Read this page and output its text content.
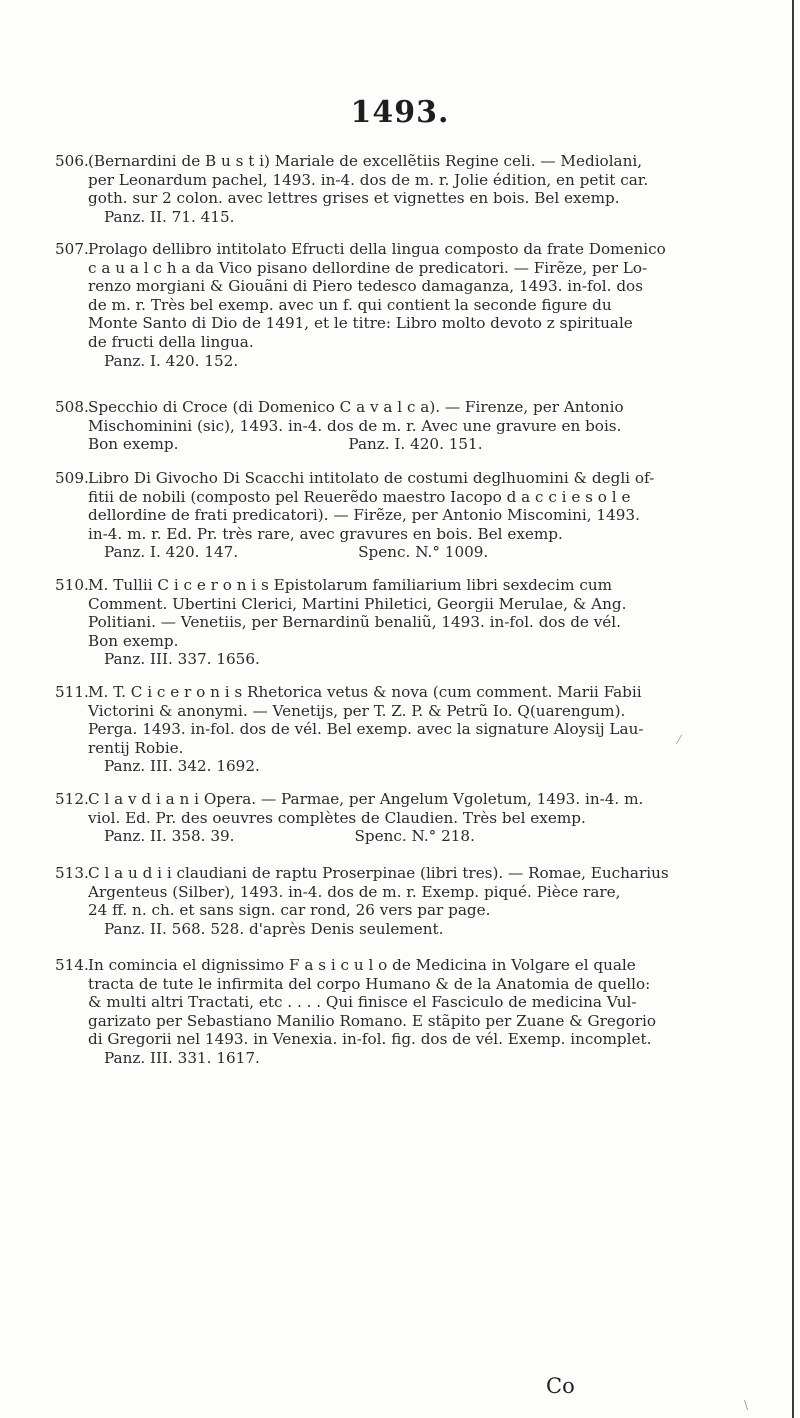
1493.
506. (Bernardini de B u s t i) Mariale de excellẽtiis Regine celi. — Mediolani,

per Leonardum pachel, 1493. in-4. dos de m. r. Jolie édition, en petit car.

goth. sur 2 colon. avec lettres grises et vignettes en bois. Bel exemp.

Panz. II. 71. 415.

507. Prolago dellibro intitolato Efructi della lingua composto da frate Domenico

c a u a l c h a da Vico pisano dellordine de predicatori. — Firẽze, per Lo-

renzo morgiani & Giouãni di Piero tedesco damaganza, 1493. in-fol. dos

de m. r. Très bel exemp. avec un f. qui contient la seconde figure du

Monte Santo di Dio de 1491, et le titre: Libro molto devoto z spirituale

de fructi della lingua.

Panz. I. 420. 152.

508. Specchio di Croce (di Domenico C a v a l c a). — Firenze, per Antonio

Mischominini (sic), 1493. in-4. dos de m. r. Avec une gravure en bois.

Bon exemp.	Panz. I. 420. 151.

509. Libro Di Givocho Di Scacchi intitolato de costumi deglhuomini & degli of-

fitii de nobili (composto pel Reuerẽdo maestro Iacopo d a c c i e s o l e

dellordine de frati predicatori). — Firẽze, per Antonio Miscomini, 1493.

in-4. m. r. Ed. Pr. très rare, avec gravures en bois. Bel exemp.

Panz. I. 420. 147.	Spenc. N.° 1009.

510. M. Tullii C i c e r o n i s Epistolarum familiarium libri sexdecim cum

Comment. Ubertini Clerici, Martini Philetici, Georgii Merulae, & Ang.

Politiani. — Venetiis, per Bernardinũ benaliũ, 1493. in-fol. dos de vél.

Bon exemp.

Panz. III. 337. 1656.

511. M. T. C i c e r o n i s Rhetorica vetus & nova (cum comment. Marii Fabii

Victorini & anonymi. — Venetijs, per T. Z. P. & Petrũ Io. Q(uarengum).

Perga. 1493. in-fol. dos de vél. Bel exemp. avec la signature Aloysij Lau-

rentij Robie.

Panz. III. 342. 1692.

512. C l a v d i a n i Opera. — Parmae, per Angelum Vgoletum, 1493. in-4. m.

viol. Ed. Pr. des oeuvres complètes de Claudien. Très bel exemp.

Panz. II. 358. 39.	Spenc. N.° 218.

513. C l a u d i i claudiani de raptu Proserpinae (libri tres). — Romae, Eucharius

Argenteus (Silber), 1493. in-4. dos de m. r. Exemp. piqué. Pièce rare,

24 ff. n. ch. et sans sign. car rond, 26 vers par page.

Panz. II. 568. 528. d'après Denis seulement.

514. In comincia el dignissimo F a s i c u l o de Medicina in Volgare el quale

tracta de tute le infirmita del corpo Humano & de la Anatomia de quello:

& multi altri Tractati, etc . . . . Qui finisce el Fasciculo de medicina Vul-

garizato per Sebastiano Manilio Romano. E stãpito per Zuane & Gregorio

di Gregorii nel 1493. in Venexia. in-fol. fig. dos de vél. Exemp. incomplet.

Panz. III. 331. 1617.

Co
⁄
\
